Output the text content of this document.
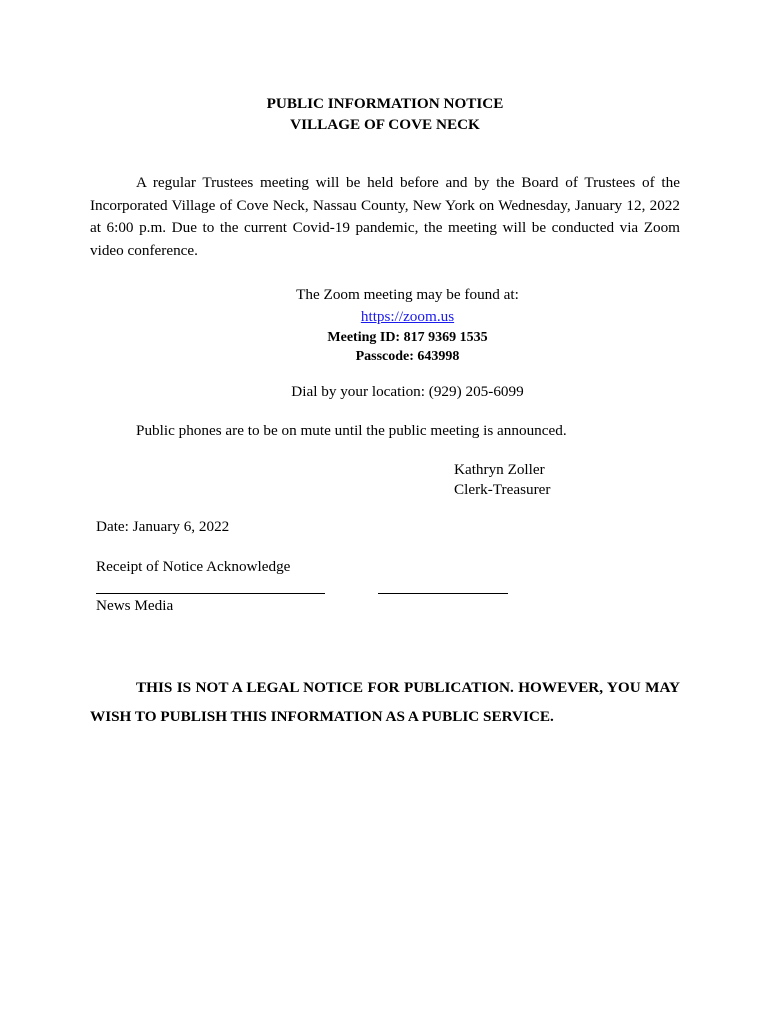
PUBLIC INFORMATION NOTICE
VILLAGE OF COVE NECK

A regular Trustees meeting will be held before and by the Board of Trustees of the Incorporated Village of Cove Neck, Nassau County, New York on Wednesday, January 12, 2022 at 6:00 p.m. Due to the current Covid-19 pandemic, the meeting will be conducted via Zoom video conference.

The Zoom meeting may be found at:
https://zoom.us
Meeting ID: 817 9369 1535
Passcode: 643998
Dial by your location: (929) 205-6099
Public phones are to be on mute until the public meeting is announced.
Kathryn Zoller
Clerk-Treasurer
Date: January 6, 2022
Receipt of Notice Acknowledge
News Media

THIS IS NOT A LEGAL NOTICE FOR PUBLICATION. HOWEVER, YOU MAY WISH TO PUBLISH THIS INFORMATION AS A PUBLIC SERVICE.
